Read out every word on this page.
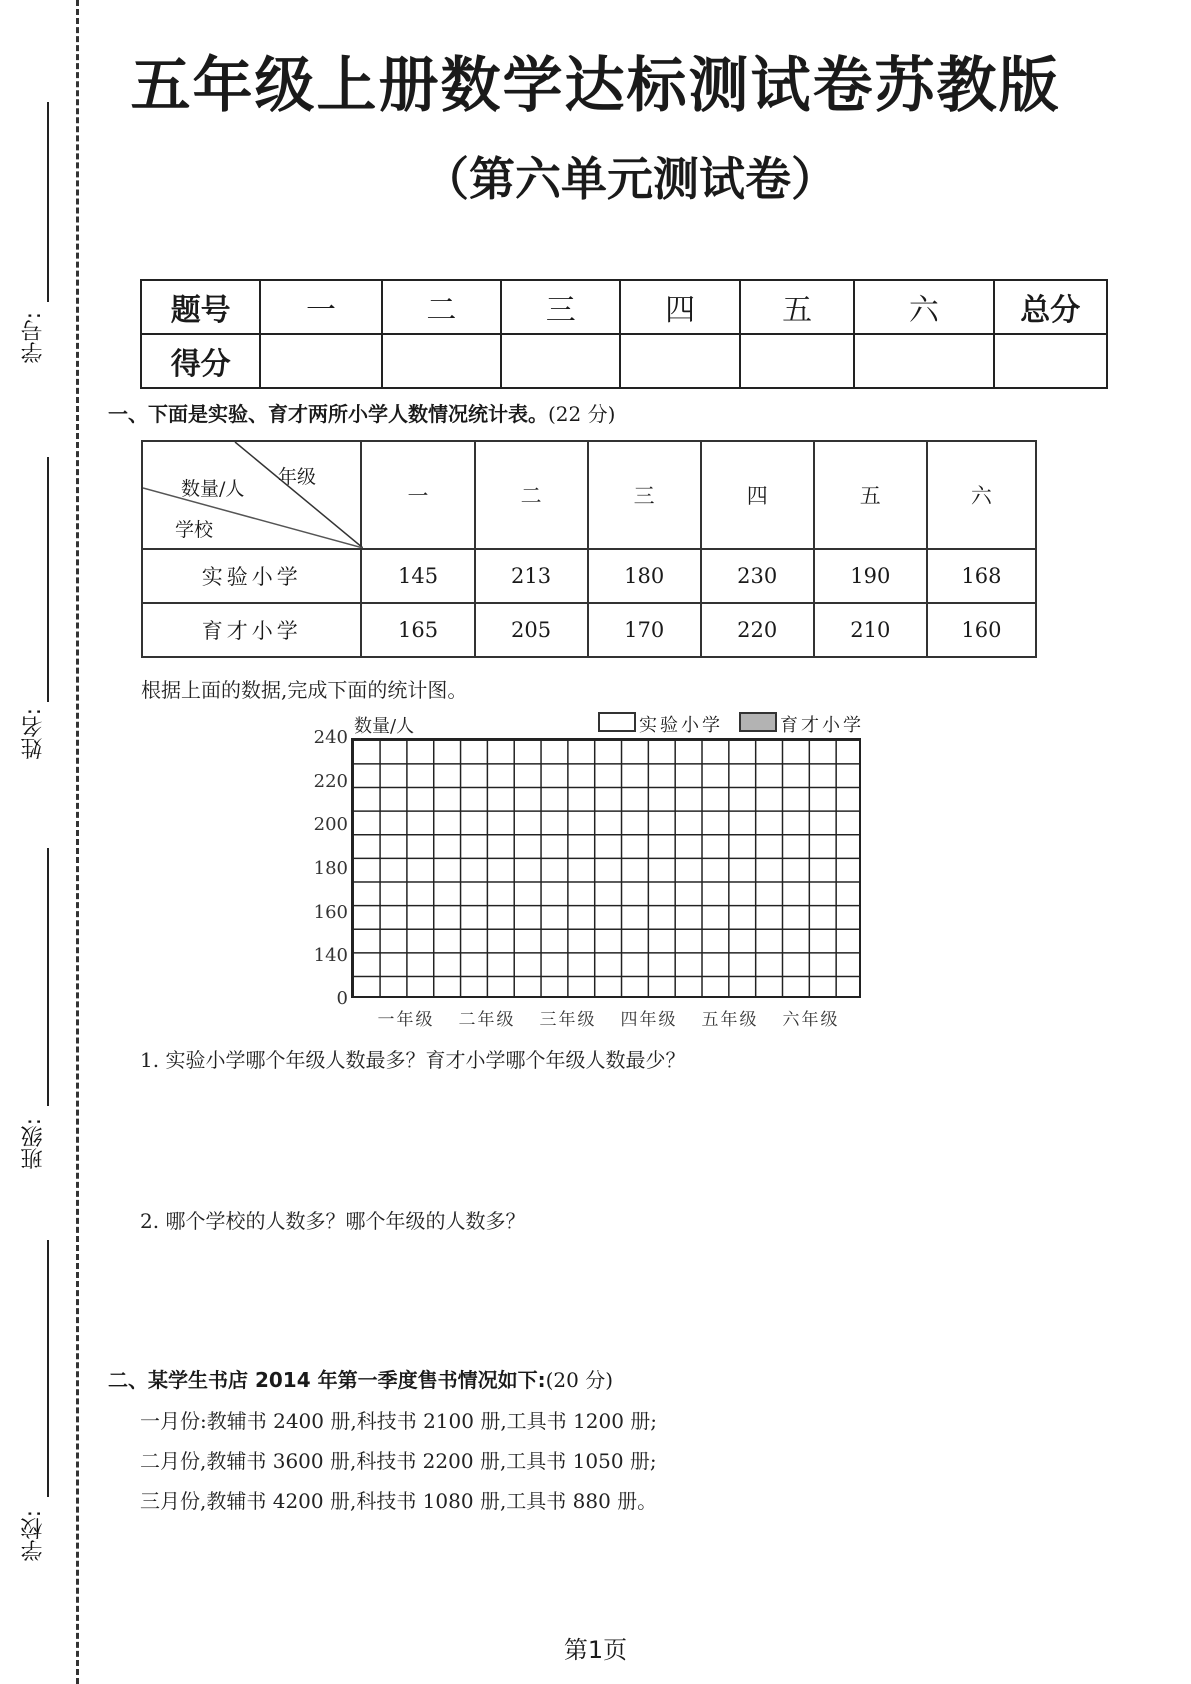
学号:
姓名:
班级:
学校:
五年级上册数学达标测试卷苏教版
（第六单元测试卷）
题号	一	二	三	四	五	六	总分
得分							
一、下面是实验、育才两所小学人数情况统计表。(22 分)
年级
数量/人
学校	一	二	三	四	五	六
实验小学	145	213	180	230	190	168
育才小学	165	205	170	220	210	160
根据上面的数据,完成下面的统计图。
数量/人	实验小学	育才小学
240
220
200
180
160
140
0
一年级	二年级	三年级	四年级	五年级	六年级
1. 实验小学哪个年级人数最多？育才小学哪个年级人数最少？
2. 哪个学校的人数多？哪个年级的人数多？
二、某学生书店 2014 年第一季度售书情况如下:(20 分)
一月份:教辅书 2400 册,科技书 2100 册,工具书 1200 册;
二月份,教辅书 3600 册,科技书 2200 册,工具书 1050 册;
三月份,教辅书 4200 册,科技书 1080 册,工具书 880 册。
第1页
